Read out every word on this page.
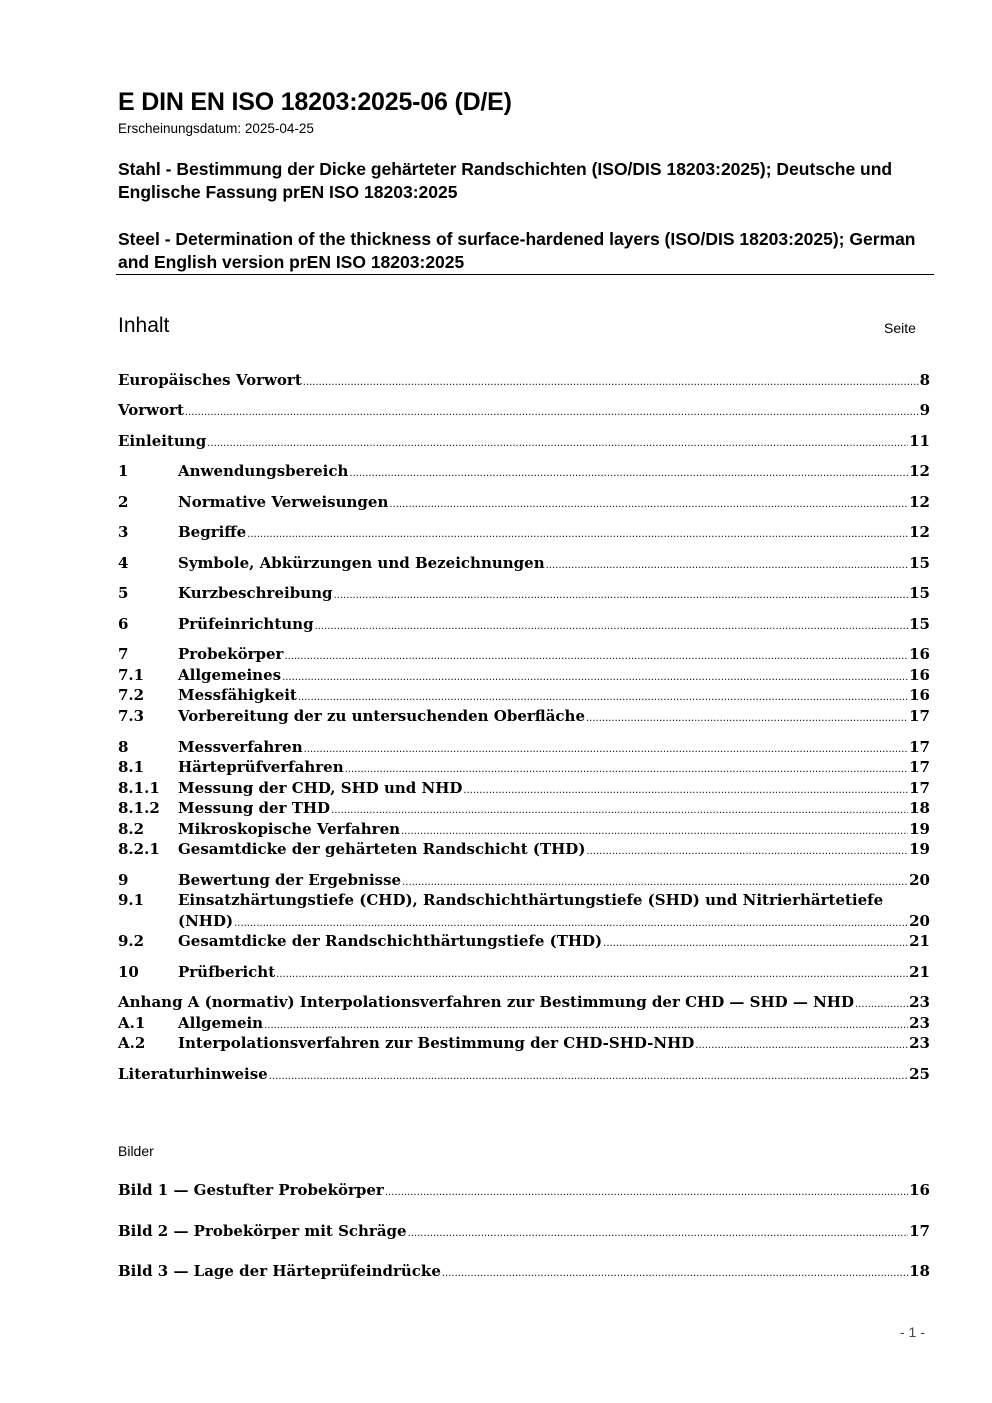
E DIN EN ISO 18203:2025-06 (D/E)
Erscheinungsdatum: 2025-04-25
Stahl - Bestimmung der Dicke gehärteter Randschichten (ISO/DIS 18203:2025); Deutsche und Englische Fassung prEN ISO 18203:2025
Steel - Determination of the thickness of surface-hardened layers (ISO/DIS 18203:2025); German and English version prEN ISO 18203:2025
Inhalt	Seite
Europäisches Vorwort .....	8
Vorwort .....	9
Einleitung .....	11
1	Anwendungsbereich .....	12
2	Normative Verweisungen .....	12
3	Begriffe .....	12
4	Symbole, Abkürzungen und Bezeichnungen .....	15
5	Kurzbeschreibung .....	15
6	Prüfeinrichtung .....	15
7	Probekörper .....	16
7.1	Allgemeines .....	16
7.2	Messfähigkeit .....	16
7.3	Vorbereitung der zu untersuchenden Oberfläche .....	17
8	Messverfahren .....	17
8.1	Härteprüfverfahren .....	17
8.1.1	Messung der CHD, SHD und NHD .....	17
8.1.2	Messung der THD .....	18
8.2	Mikroskopische Verfahren .....	19
8.2.1	Gesamtdicke der gehärteten Randschicht (THD) .....	19
9	Bewertung der Ergebnisse .....	20
9.1	Einsatzhärtungstiefe (CHD), Randschichthärtungstiefe (SHD) und Nitrierhärtetiefe
(NHD) .....	20
9.2	Gesamtdicke der Randschichthärtungstiefe (THD) .....	21
10	Prüfbericht .....	21
Anhang A (normativ) Interpolationsverfahren zur Bestimmung der CHD — SHD — NHD .....	23
A.1	Allgemein .....	23
A.2	Interpolationsverfahren zur Bestimmung der CHD-SHD-NHD .....	23
Literaturhinweise .....	25
Bilder
Bild 1 — Gestufter Probekörper .....	16
Bild 2 — Probekörper mit Schräge .....	17
Bild 3 — Lage der Härteprüfeindrücke .....	18
- 1 -
